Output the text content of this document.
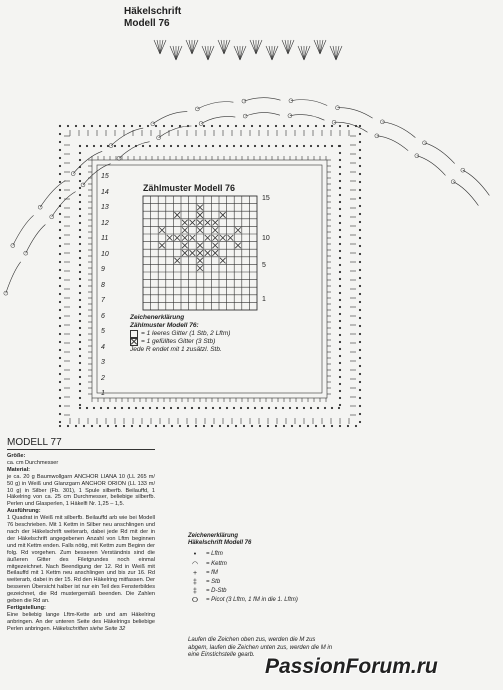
Häkelschrift
Modell 76
Zählmuster Modell 76
15
10
5
1
15
14
13
12
11
10
9
8
7
6
5
4
3
2
1
Zeichenerklärung
Zählmuster Modell 76:
= 1 leeres Gitter (1 Stb, 2 Lftm)
= 1 gefülltes Gitter (3 Stb)
Jede R endet mit 1 zusätzl. Stb.
MODELL 77
Größe:
ca. cm Durchmesser
Material:
je ca. 20 g Baumwollgarn ANCHOR LIANA 10 (LL 265 m/ 50 g) in Weiß und Glanzgarn ANCHOR ORION (LL 133 m/ 10 g) in Silber (Fb. 301), 1 Spule silberfb. Beilauffd, 1 Häkelring von ca. 25 cm Durchmesser, beliebige silberfb. Perlen und Glasperlen, 1 Häkelfi Nr. 1,25 – 1,5.
Ausführung:
1 Quadrat in Weiß mit silberfb. Beilauffd arb wie bei Modell 76 beschrieben. Mit 1 Kettm in Silber neu anschlingen und nach der Häkelschrift weiterarb, dabei jede Rd mit der in der Häkelschrift angegebenen Anzahl von Lftm beginnen und mit Kettm enden. Falls nötig, mit Kettm zum Beginn der folg. Rd vorgehen. Zum besseren Verständnis sind die äußeren Gitter des Filetgrundes noch einmal mitgezeichnet. Nach Beendigung der 12. Rd in Weiß mit Beilauffd mit 1 Kettm neu anschlingen und bis zur 16. Rd weiterarb, dabei in der 15. Rd den Häkelring mitfassen. Der besseren Übersicht halber ist nur ein Teil des Fensterbildes gezeichnet, die Rd mustergemäß beenden. Die Zahlen geben die Rd an.
Fertigstellung:
Eine beliebig lange Lftm-Kette arb und am Häkelring anbringen. An der unteren Seite des Häkelrings beliebige Perlen anbringen. Häkelschriften siehe Seite 32
Zeichenerklärung
Häkelschrift Modell 76
•	= Lftm
◠	= Kettm
+	= fM
‡	= Stb
‡	= D-Stb
ⵔ	= Picot (3 Lftm, 1 fM in die 1. Lftm)
Laufen die Zeichen oben zus, werden die M zus abgem, laufen die Zeichen unten zus, werden die M in eine Einstichstelle gearb. PassionForum.ru
